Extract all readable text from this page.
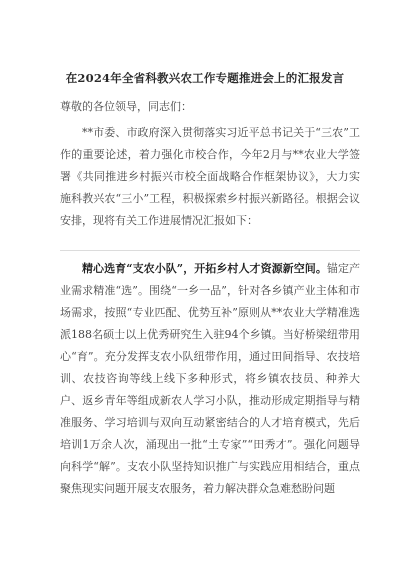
在2024年全省科教兴农工作专题推进会上的汇报发言
尊敬的各位领导，同志们：
**市委、市政府深入贯彻落实习近平总书记关于“三农”工作的重要论述，着力强化市校合作，今年2月与**农业大学签署《共同推进乡村振兴市校全面战略合作框架协议》，大力实施科教兴农“三小”工程，积极探索乡村振兴新路径。根据会议安排，现将有关工作进展情况汇报如下：
精心选育“支农小队”，开拓乡村人才资源新空间。锚定产业需求精准“选”。围绕“一乡一品”，针对各乡镇产业主体和市场需求，按照“专业匹配、优势互补”原则从**农业大学精准选派188名硕士以上优秀研究生入驻94个乡镇。当好桥梁纽带用心“育”。充分发挥支农小队纽带作用，通过田间指导、农技培训、农技咨询等线上线下多种形式，将乡镇农技员、种养大户、返乡青年等组成新农人学习小队，推动形成定期指导与精准服务、学习培训与双向互动紧密结合的人才培育模式，先后培训1万余人次，涌现出一批“土专家”“田秀才”。强化问题导向科学“解”。支农小队坚持知识推广与实践应用相结合，重点聚焦现实问题开展支农服务，着力解决群众急难愁盼问题
